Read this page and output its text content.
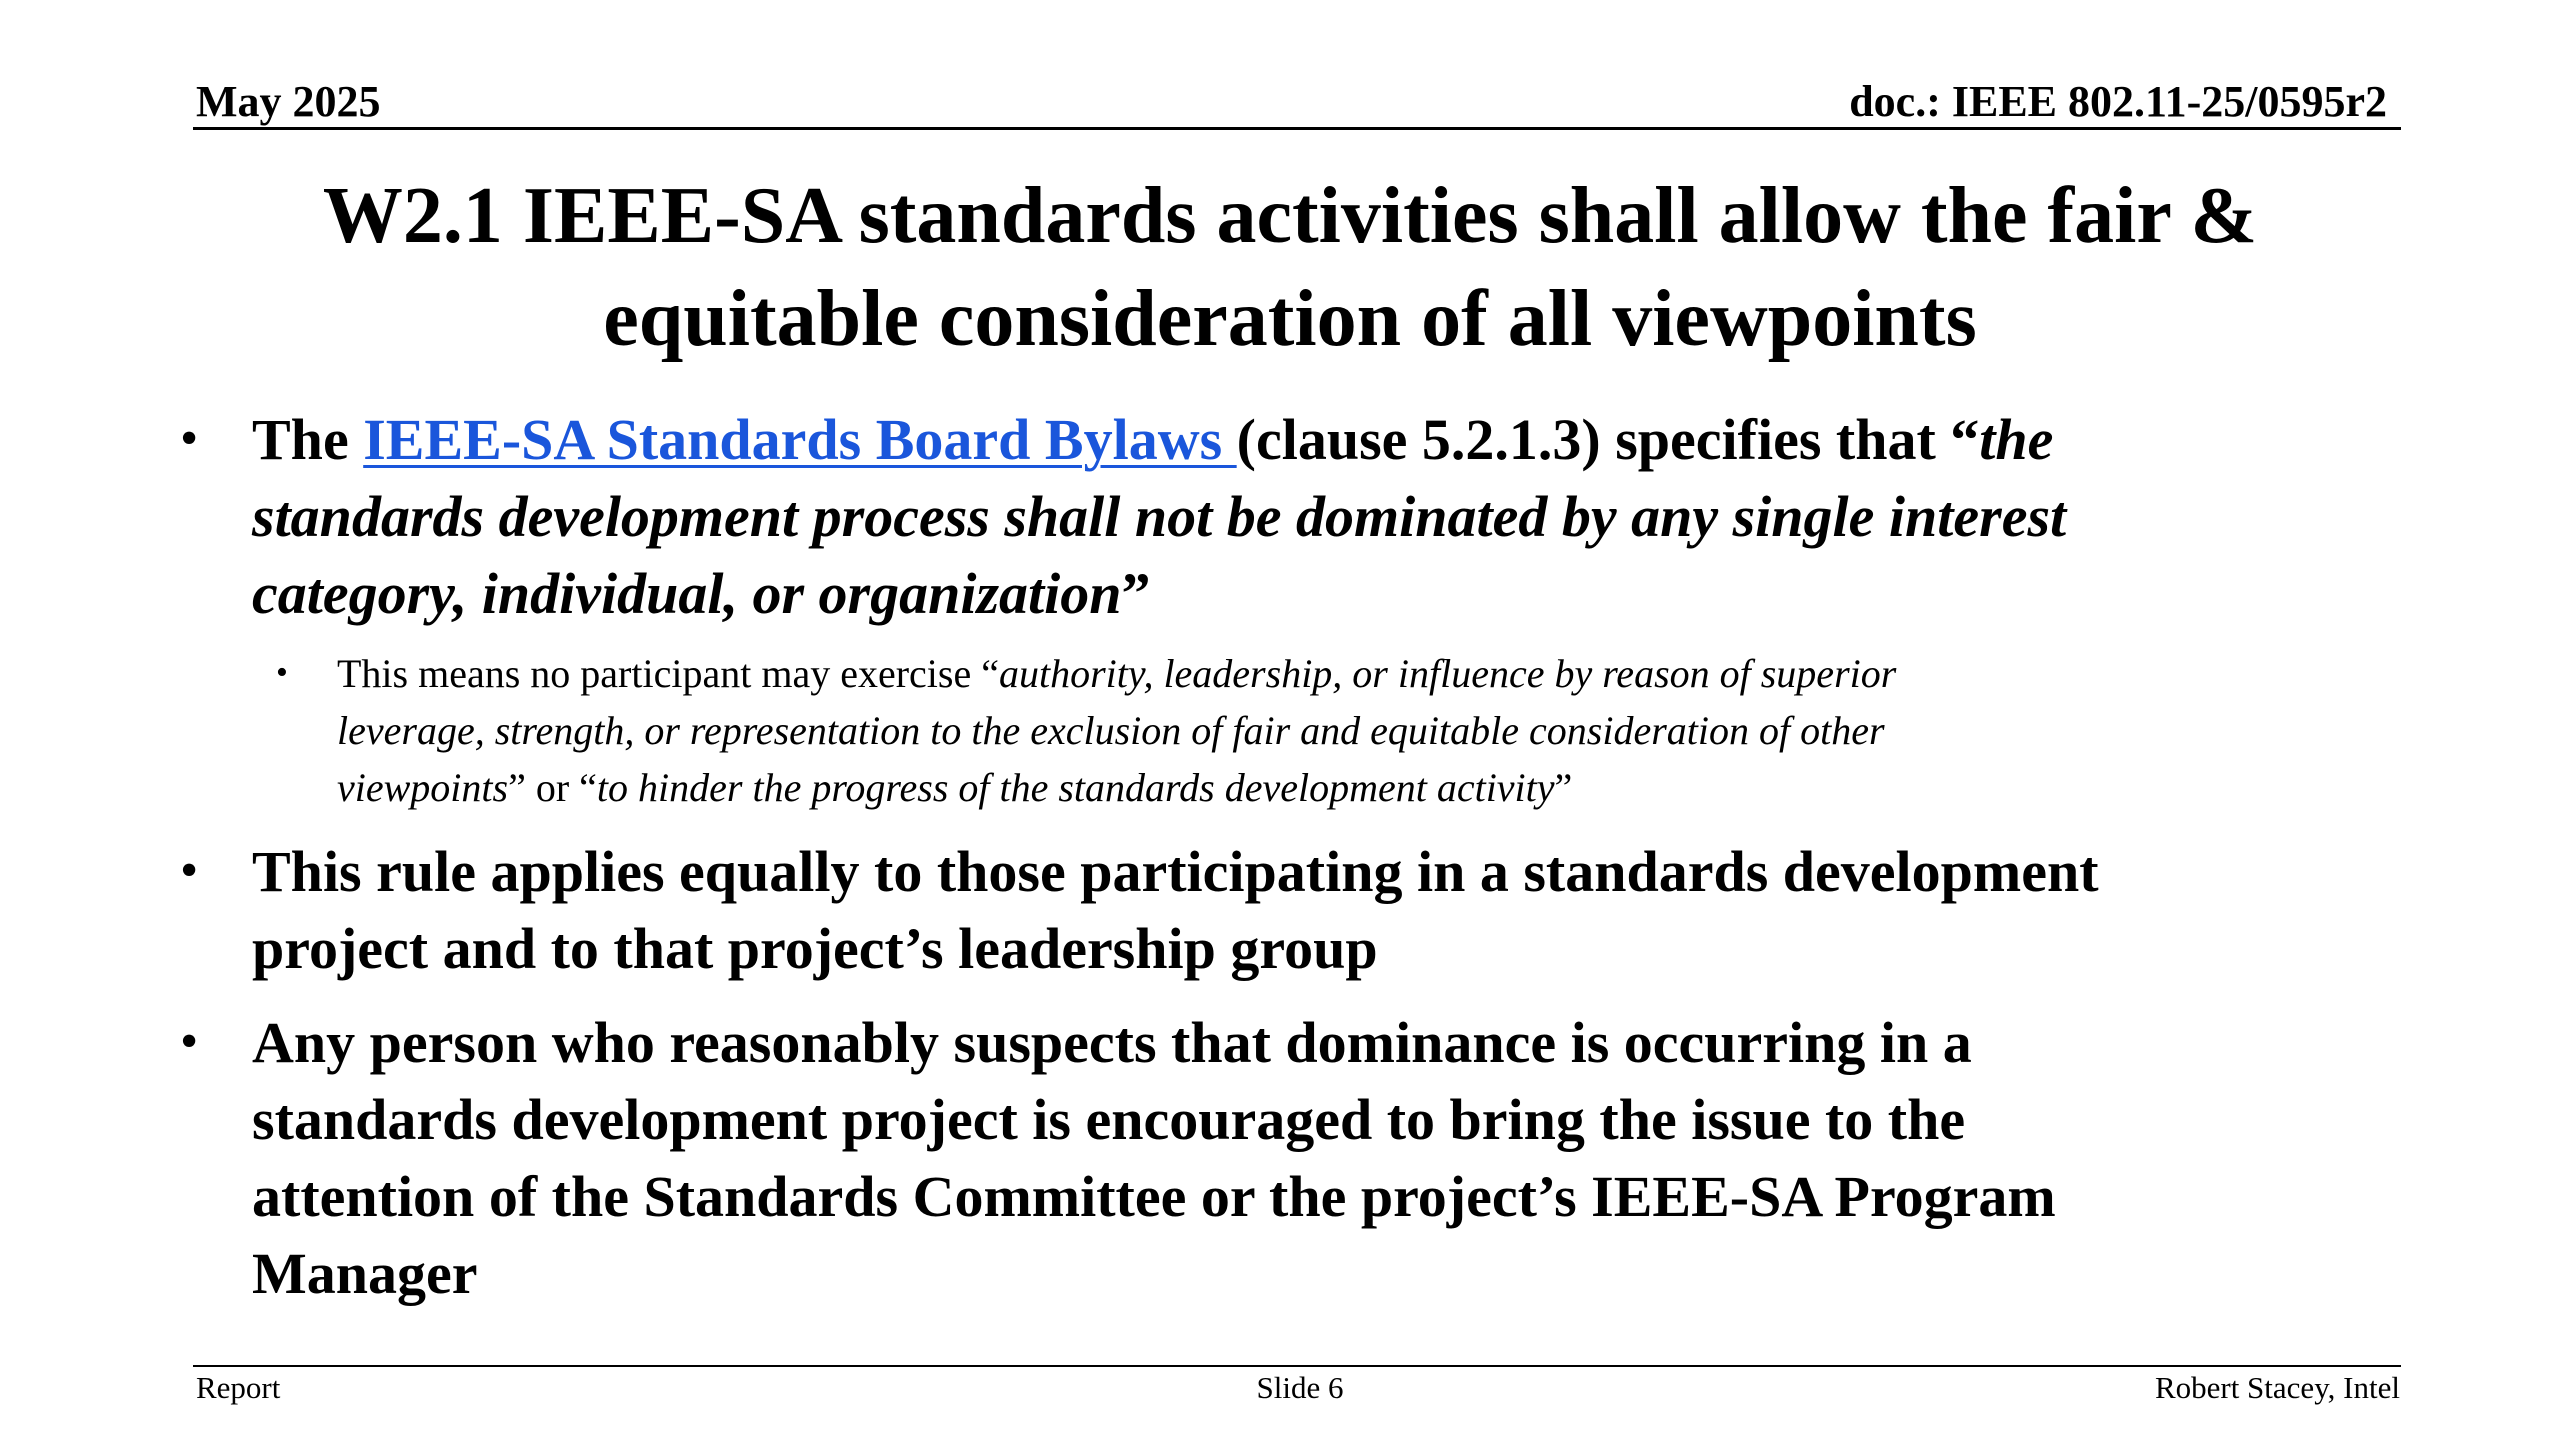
May 2025	doc.: IEEE 802.11-25/0595r2
W2.1 IEEE-SA standards activities shall allow the fair & equitable consideration of all viewpoints
• The IEEE-SA Standards Board Bylaws (clause 5.2.1.3) specifies that “the
standards development process shall not be dominated by any single interest
category, individual, or organization”
• This means no participant may exercise “authority, leadership, or influence by reason of superior
leverage, strength, or representation to the exclusion of fair and equitable consideration of other
viewpoints” or “to hinder the progress of the standards development activity”
• This rule applies equally to those participating in a standards development
project and to that project’s leadership group
• Any person who reasonably suspects that dominance is occurring in a
standards development project is encouraged to bring the issue to the
attention of the Standards Committee or the project’s IEEE-SA Program
Manager
Report	Slide 6	Robert Stacey, Intel
